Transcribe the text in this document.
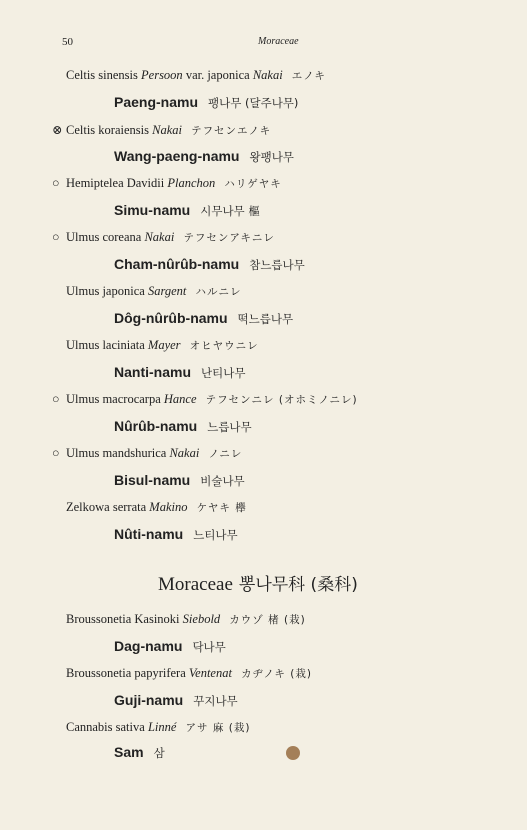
50	Moraceae
Celtis sinensis Persoon var. japonica Nakai エノキ
Paeng-namu 팽나무 (달주나무)
⊗ Celtis koraiensis Nakai テフセンエノキ
Wang-paeng-namu 왕팽나무
○ Hemiptelea Davidii Planchon ハリゲヤキ
Simu-namu 시무나무 樞
○ Ulmus coreana Nakai テフセンアキニレ
Cham-nûrûb-namu 참느릅나무
Ulmus japonica Sargent ハルニレ
Dôg-nûrûb-namu 떡느릅나무
Ulmus laciniata Mayer オヒヤウニレ
Nanti-namu 난티나무
○ Ulmus macrocarpa Hance テフセンニレ (オホミノニレ)
Nûrûb-namu 느릅나무
○ Ulmus mandshurica Nakai ノニレ
Bisul-namu 비술나무
Zelkowa serrata Makino ケヤキ 欅
Nûti-namu 느티나무
Moraceae 뽕나무科 (桑科)
Broussonetia Kasinoki Siebold カウゾ 楮 (栽)
Dag-namu 닥나무
Broussonetia papyrifera Ventenat カヂノキ (栽)
Guji-namu 꾸지나무
Cannabis sativa Linné アサ 麻 (栽)
Sam 삼
